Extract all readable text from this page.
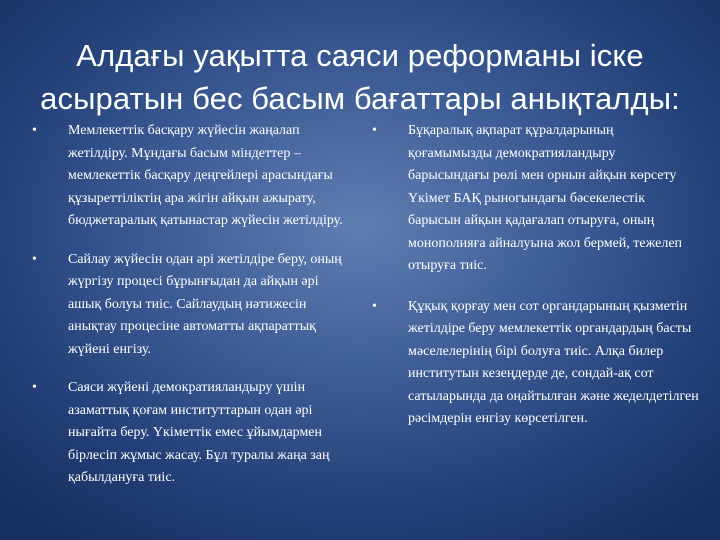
Алдағы уақытта саяси реформаны іске
асыратын бес басым бағаттары анықталды:
• Мемлекеттік басқару жүйесін жаңалап жетілдіру. Мұндағы басым міндеттер – мемлекеттік басқару деңгейлері арасындағы құзыреттіліктің ара жігін айқын ажырату, бюджетаралық қатынастар жүйесін жетілдіру.
• Сайлау жүйесін одан әрі жетілдіре беру, оның жүргізу процесі бұрынғыдан да айқын әрі ашық болуы тиіс. Сайлаудың нәтижесін анықтау процесіне автоматты ақпараттық жүйені енгізу.
• Саяси жүйені демократияландыру үшін азаматтық қоғам институттарын одан әрі нығайта беру. Үкіметтік емес ұйымдармен бірлесіп жұмыс жасау. Бұл туралы жаңа заң қабылдануға тиіс.
• Бұқаралық ақпарат құралдарының қоғамымызды демократияландыру барысындағы рөлі мен орнын айқын көрсету Үкімет БАҚ рыногындағы бәсекелестік барысын айқын қадағалап отыруға, оның монополияға айналуына жол бермей, тежелеп отыруға тиіс.
• Құқық қорғау мен сот органдарының қызметін жетілдіре беру мемлекеттік органдардың басты мәселелерінің бірі болуға тиіс. Алқа билер институтын кезеңдерде де, сондай-ақ сот сатыларында да оңайтылған және жеделдетілген рәсімдерін енгізу көрсетілген.
